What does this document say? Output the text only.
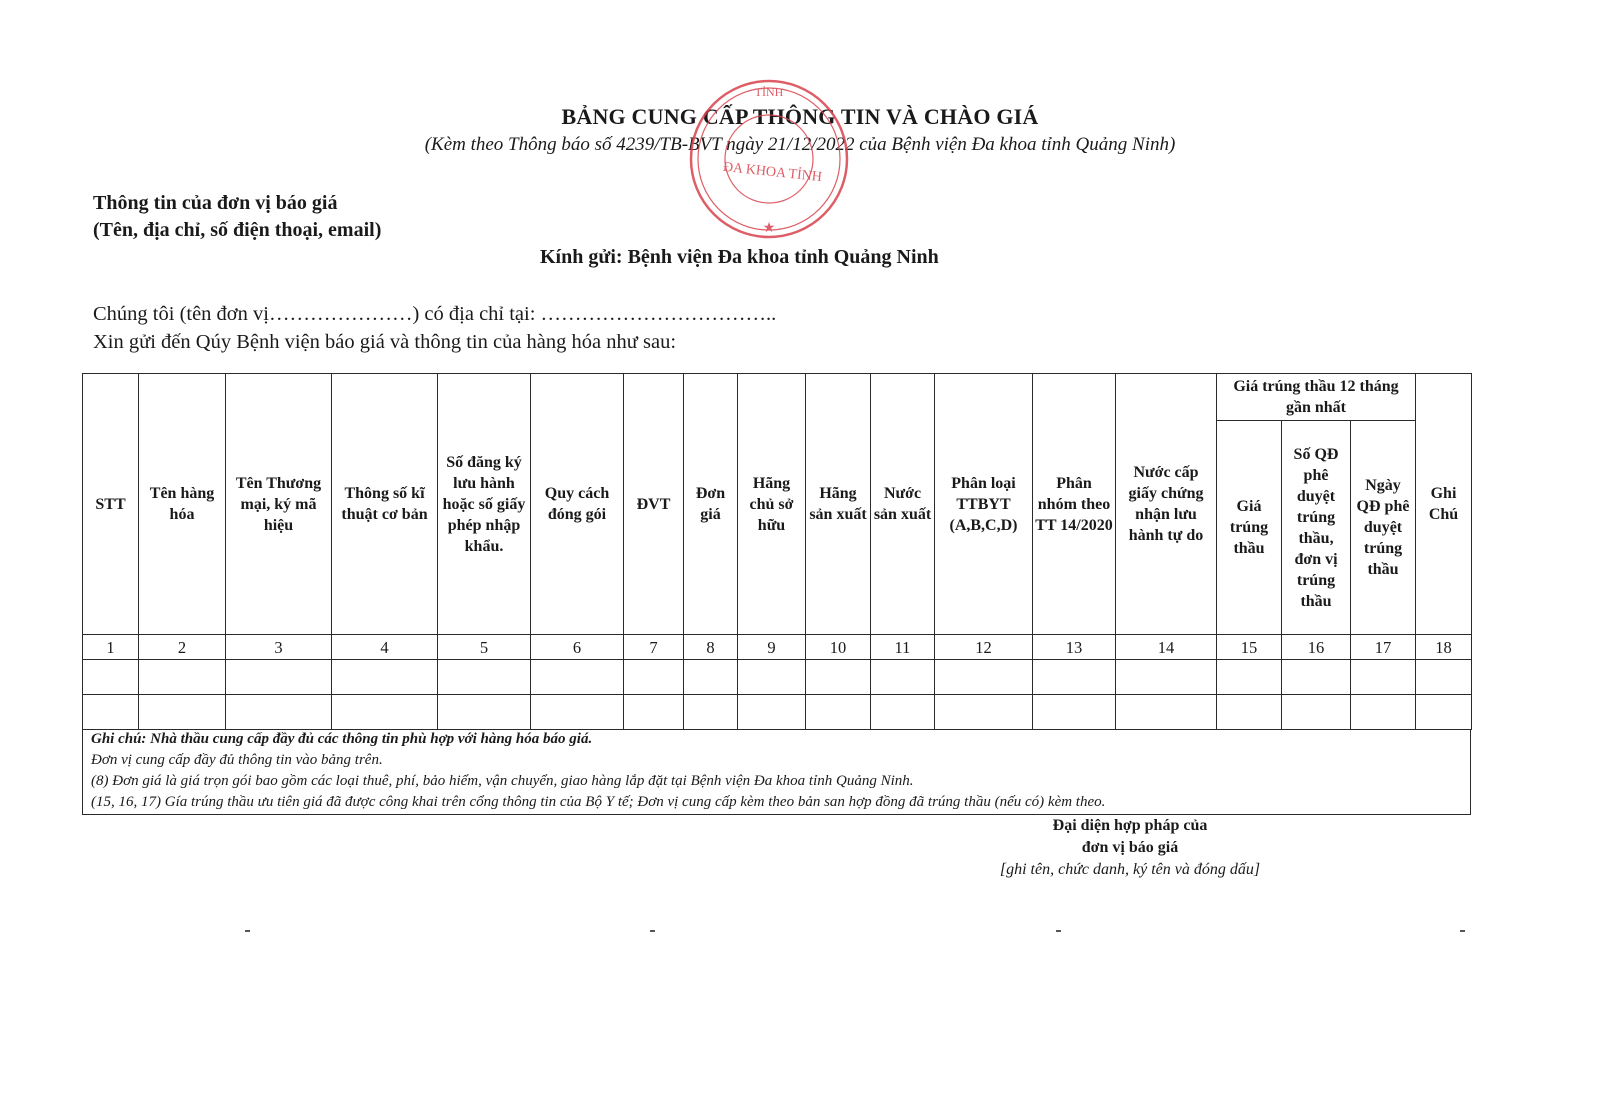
BẢNG CUNG CẤP THÔNG TIN VÀ CHÀO GIÁ
(Kèm theo Thông báo số 4239/TB-BVT ngày 21/12/2022 của Bệnh viện Đa khoa tỉnh Quảng Ninh)
TỈNH
ĐA KHOA TỈNH
★
Thông tin của đơn vị báo giá
(Tên, địa chỉ, số điện thoại, email)
Kính gửi: Bệnh viện Đa khoa tỉnh Quảng Ninh
Chúng tôi (tên đơn vị…………………) có địa chỉ tại: ……………………………..
Xin gửi đến Qúy Bệnh viện báo giá và thông tin của hàng hóa như sau:
STT	Tên hàng hóa	Tên Thương mại, ký mã hiệu	Thông số kĩ thuật cơ bản	Số đăng ký lưu hành hoặc số giấy phép nhập khẩu.	Quy cách đóng gói	ĐVT	Đơn giá	Hãng chủ sở hữu	Hãng sản xuất	Nước sản xuất	Phân loại TTBYT (A,B,C,D)	Phân nhóm theo TT 14/2020	Nước cấp giấy chứng nhận lưu hành tự do	Giá trúng thầu 12 tháng gần nhất			Ghi Chú
														Giá trúng thầu	Số QĐ phê duyệt trúng thầu, đơn vị trúng thầu	Ngày QĐ phê duyệt trúng thầu	
1	2	3	4	5	6	7	8	9	10	11	12	13	14	15	16	17	18

Ghi chú: Nhà thầu cung cấp đầy đủ các thông tin phù hợp với hàng hóa báo giá.
Đơn vị cung cấp đầy đủ thông tin vào bảng trên.
(8) Đơn giá là giá trọn gói bao gồm các loại thuê, phí, bảo hiểm, vận chuyển, giao hàng lắp đặt tại Bệnh viện Đa khoa tỉnh Quảng Ninh.
(15, 16, 17) Gía trúng thầu ưu tiên giá đã được công khai trên cổng thông tin của Bộ Y tế; Đơn vị cung cấp kèm theo bản san hợp đồng đã trúng thầu (nếu có) kèm theo.
Đại diện hợp pháp của
đơn vị báo giá
[ghi tên, chức danh, ký tên và đóng dấu]
